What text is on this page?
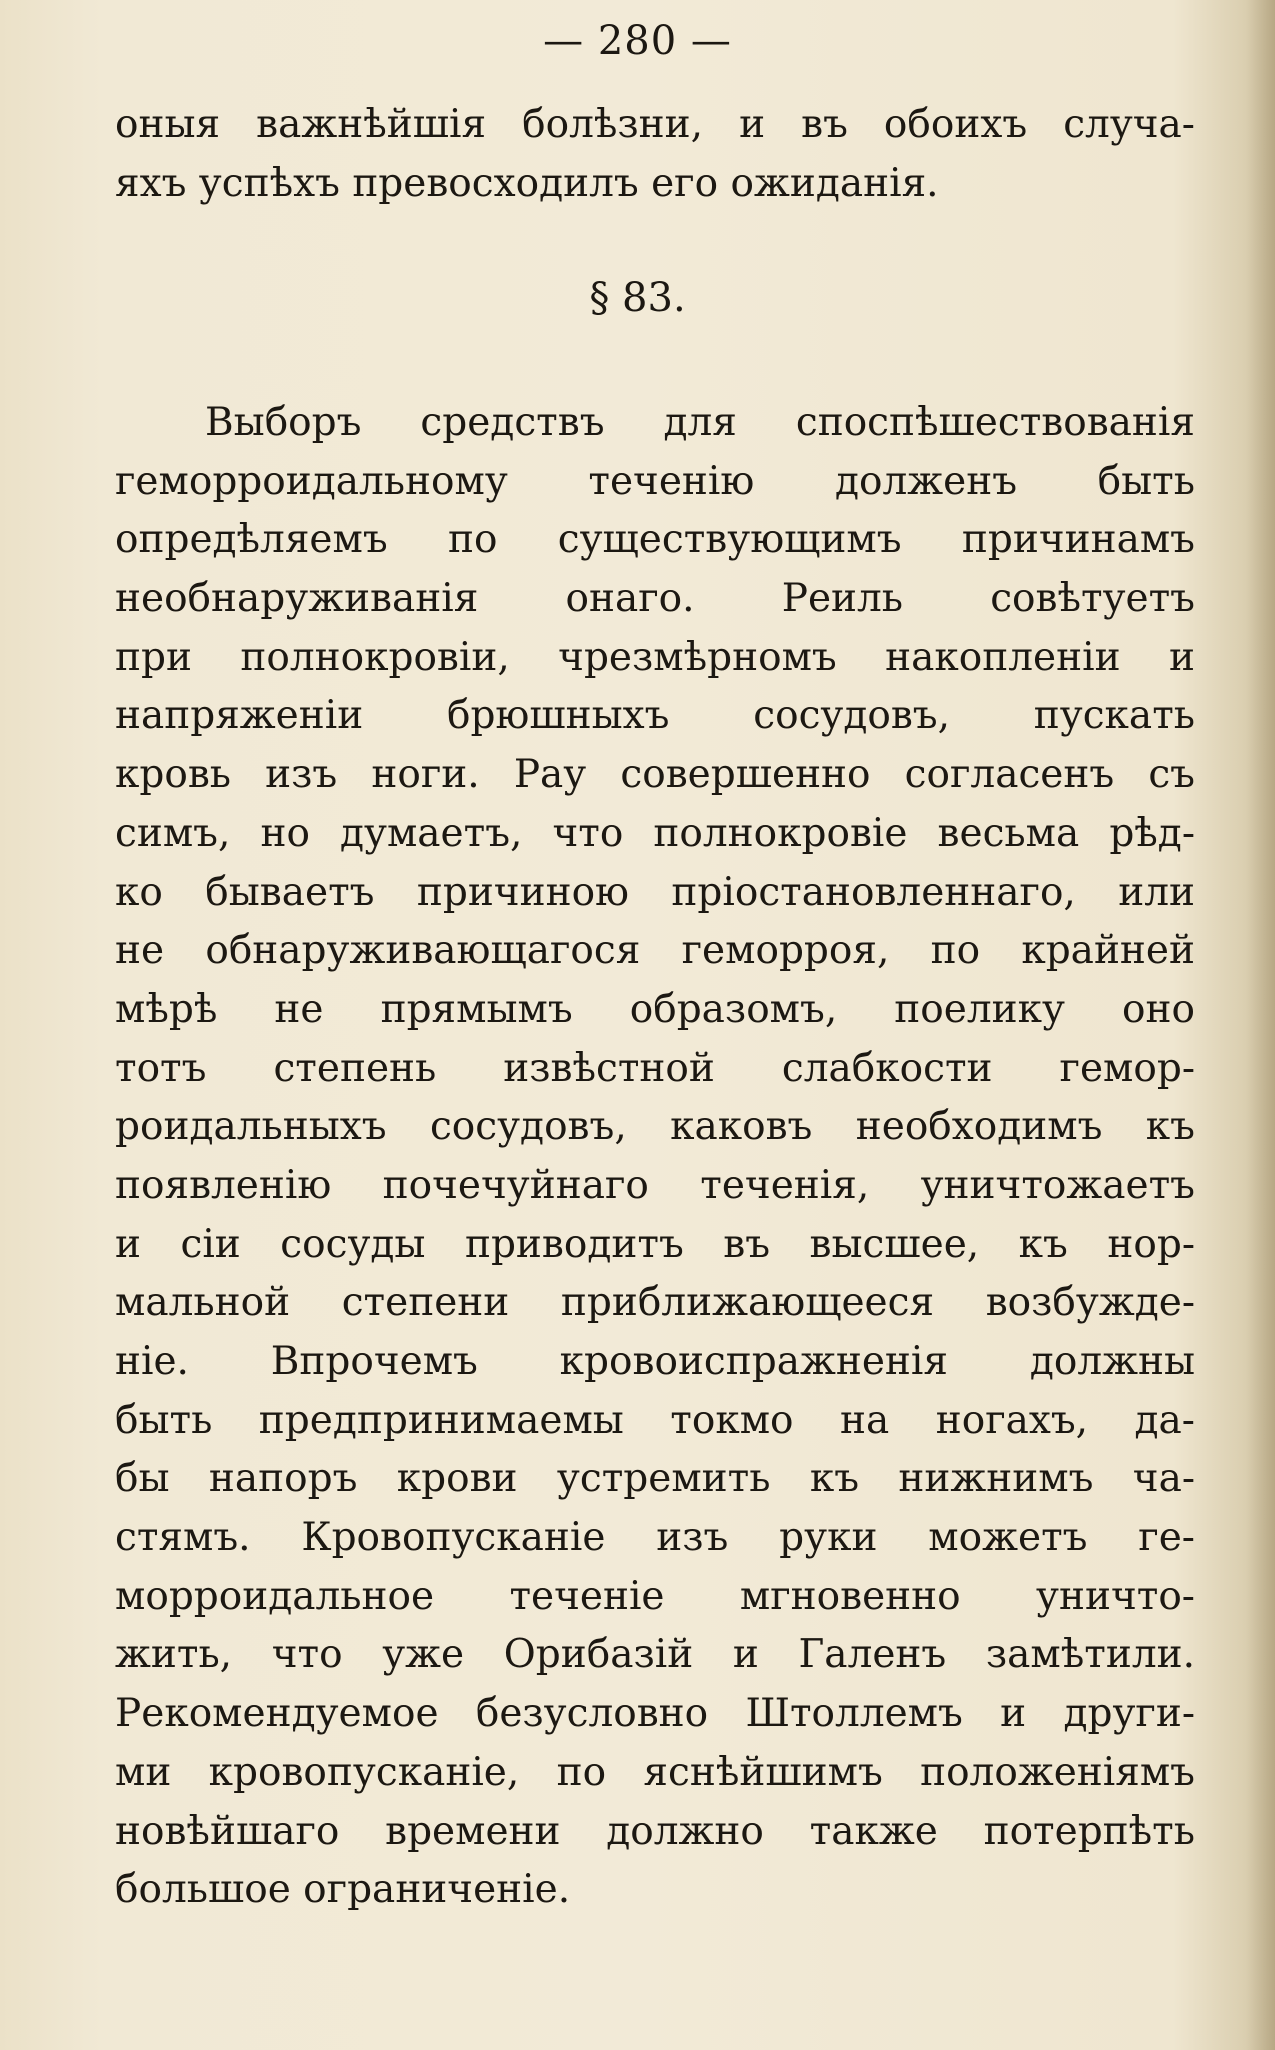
— 280 —
оныя важнѣйшія болѣзни, и въ обоихъ случа-
яхъ успѣхъ превосходилъ его ожиданія.
§ 83.
Выборъ средствъ для споспѣшествованія
геморроидальному теченію долженъ быть
опредѣляемъ по существующимъ причинамъ
необнаруживанія онаго. Реиль совѣтуетъ
при полнокровіи, чрезмѣрномъ накопленіи и
напряженіи брюшныхъ сосудовъ, пускать
кровь изъ ноги. Рау совершенно согласенъ съ
симъ, но думаетъ, что полнокровіе весьма рѣд-
ко бываетъ причиною пріостановленнаго, или
не обнаруживающагося геморроя, по крайней
мѣрѣ не прямымъ образомъ, поелику оно
тотъ степень извѣстной слабкости гемор-
роидальныхъ сосудовъ, каковъ необходимъ къ
появленію почечуйнаго теченія, уничтожаетъ
и сіи сосуды приводитъ въ высшее, къ нор-
мальной степени приближающееся возбужде-
ніе. Впрочемъ кровоиспражненія должны
быть предпринимаемы токмо на ногахъ, да-
бы напоръ крови устремить къ нижнимъ ча-
стямъ. Кровопусканіе изъ руки можетъ ге-
морроидальное теченіе мгновенно уничто-
жить, что уже Орибазій и Галенъ замѣтили.
Рекомендуемое безусловно Штоллемъ и други-
ми кровопусканіе, по яснѣйшимъ положеніямъ
новѣйшаго времени должно также потерпѣть
большое ограниченіе.
